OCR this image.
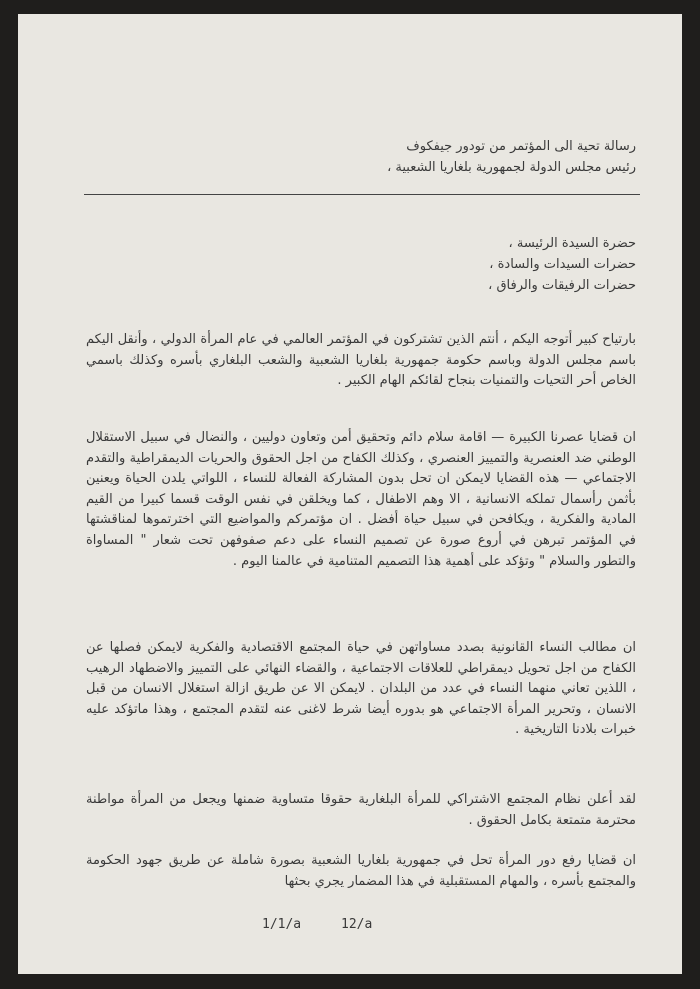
رسالة تحية الى المؤتمر من تودور جيفكوف
رئيس مجلس الدولة لجمهورية بلغاريا الشعبية ،
حضرة السيدة الرئيسة ،
حضرات السيدات والسادة ،
حضرات الرفيقات والرفاق ،

بارتياح كبير أتوجه اليكم ، أنتم الذين تشتركون في المؤتمر العالمي في عام المرأة الدولي ، وأنقل اليكم باسم مجلس الدولة وباسم حكومة جمهورية بلغاريا الشعبية والشعب البلغاري بأسره وكذلك باسمي الخاص أحر التحيات والتمنيات بنجاح لقائكم الهام الكبير .

ان قضايا عصرنا الكبيرة — اقامة سلام دائم وتحقيق أمن وتعاون دوليين ، والنضال في سبيل الاستقلال الوطني ضد العنصرية والتمييز العنصري ، وكذلك الكفاح من اجل الحقوق والحريات الديمقراطية والتقدم الاجتماعي — هذه القضايا لايمكن ان تحل بدون المشاركة الفعالة للنساء ، اللواتي يلدن الحياة ويعنين بأثمن رأسمال تملكه الانسانية ، الا وهم الاطفال ، كما ويخلقن في نفس الوقت قسما كبيرا من القيم المادية والفكرية ، ويكافحن في سبيل حياة أفضل . ان مؤتمركم والمواضيع التي اخترتموها لمناقشتها في المؤتمر تبرهن في أروع صورة عن تصميم النساء على دعم صفوفهن تحت شعار " المساواة والتطور والسلام " وتؤكد على أهمية هذا التصميم المتنامية في عالمنا اليوم .

ان مطالب النساء القانونية بصدد مساواتهن في حياة المجتمع الاقتصادية والفكرية لايمكن فصلها عن الكفاح من اجل تحويل ديمقراطي للعلاقات الاجتماعية ، والقضاء النهائي على التمييز والاضطهاد الرهيب ، اللذين تعاني منهما النساء في عدد من البلدان . لايمكن الا عن طريق ازالة استغلال الانسان من قبل الانسان ، وتحرير المرأة الاجتماعي هو بدوره أيضا شرط لاغنى عنه لتقدم المجتمع ، وهذا ماتؤكد عليه خبرات بلادنا التاريخية .

لقد أعلن نظام المجتمع الاشتراكي للمرأة البلغارية حقوقا متساوية ضمنها ويجعل من المرأة مواطنة محترمة متمتعة بكامل الحقوق .

ان قضايا رفع دور المرأة تحل في جمهورية بلغاريا الشعبية بصورة شاملة عن طريق جهود الحكومة والمجتمع بأسره ، والمهام المستقبلية في هذا المضمار يجري بحثها

1/1/a	12/a
